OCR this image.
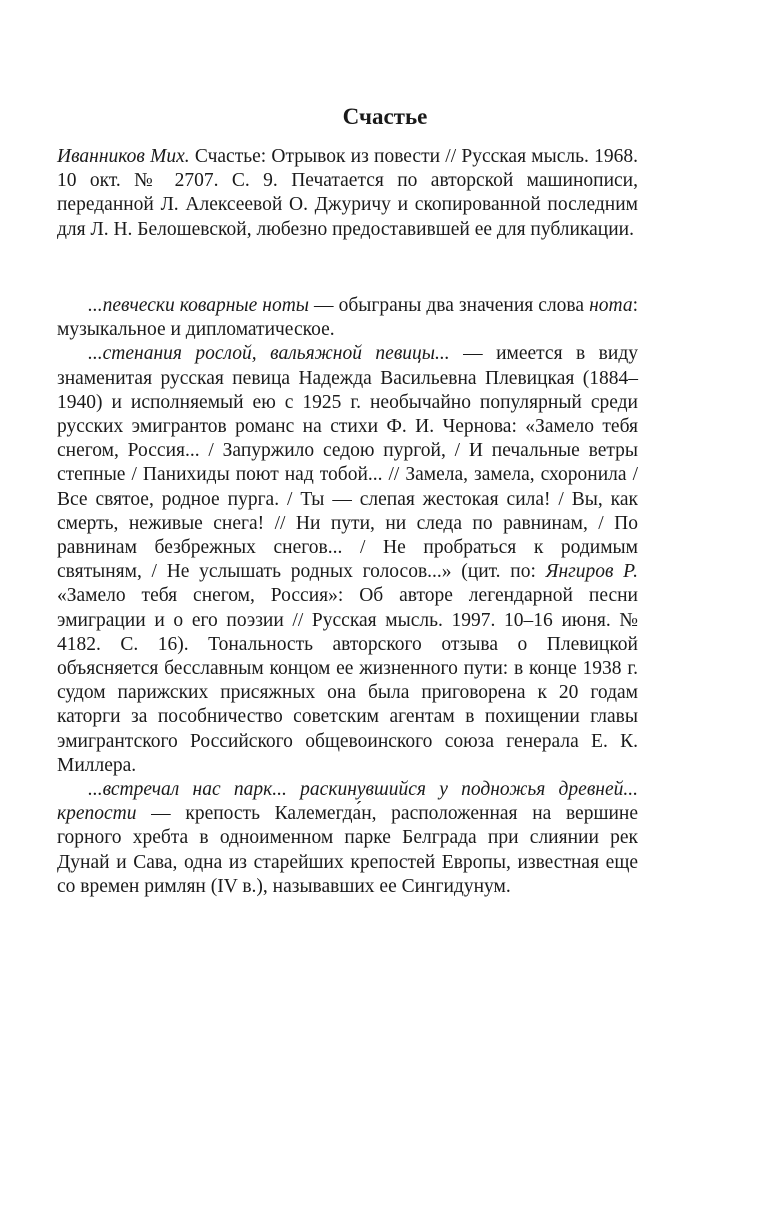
Счастье

Иванников Мих. Счастье: Отрывок из повести // Русская мысль. 1968. 10 окт. № 2707. С. 9. Печатается по авторской машинописи, переданной Л. Алексеевой О. Джуричу и скопированной последним для Л. Н. Белошевской, любезно предоставившей ее для публикации.

...певчески коварные ноты — обыграны два значения слова нота: музыкальное и дипломатическое.

...стенания рослой, вальяжной певицы... — имеется в виду знаменитая русская певица Надежда Васильевна Плевицкая (1884–1940) и исполняемый ею с 1925 г. необычайно популярный среди русских эмигрантов романс на стихи Ф. И. Чернова: «Замело тебя снегом, Россия... / Запуржило седою пургой, / И печальные ветры степные / Панихиды поют над тобой... // Замела, замела, схоронила / Все святое, родное пурга. / Ты — слепая жестокая сила! / Вы, как смерть, неживые снега! // Ни пути, ни следа по равнинам, / По равнинам безбрежных снегов... / Не пробраться к родимым святыням, / Не услышать родных голосов...» (цит. по: Янгиров Р. «Замело тебя снегом, Россия»: Об авторе легендарной песни эмиграции и о его поэзии // Русская мысль. 1997. 10–16 июня. № 4182. С. 16). Тональность авторского отзыва о Плевицкой объясняется бесславным концом ее жизненного пути: в конце 1938 г. судом парижских присяжных она была приговорена к 20 годам каторги за пособничество советским агентам в похищении главы эмигрантского Российского общевоинского союза генерала Е. К. Миллера.

...встречал нас парк... раскинувшийся у подножья древней... крепости — крепость Калемегда́н, расположенная на вершине горного хребта в одноименном парке Белграда при слиянии рек Дунай и Сава, одна из старейших крепостей Европы, известная еще со времен римлян (IV в.), называвших ее Сингидунум.
